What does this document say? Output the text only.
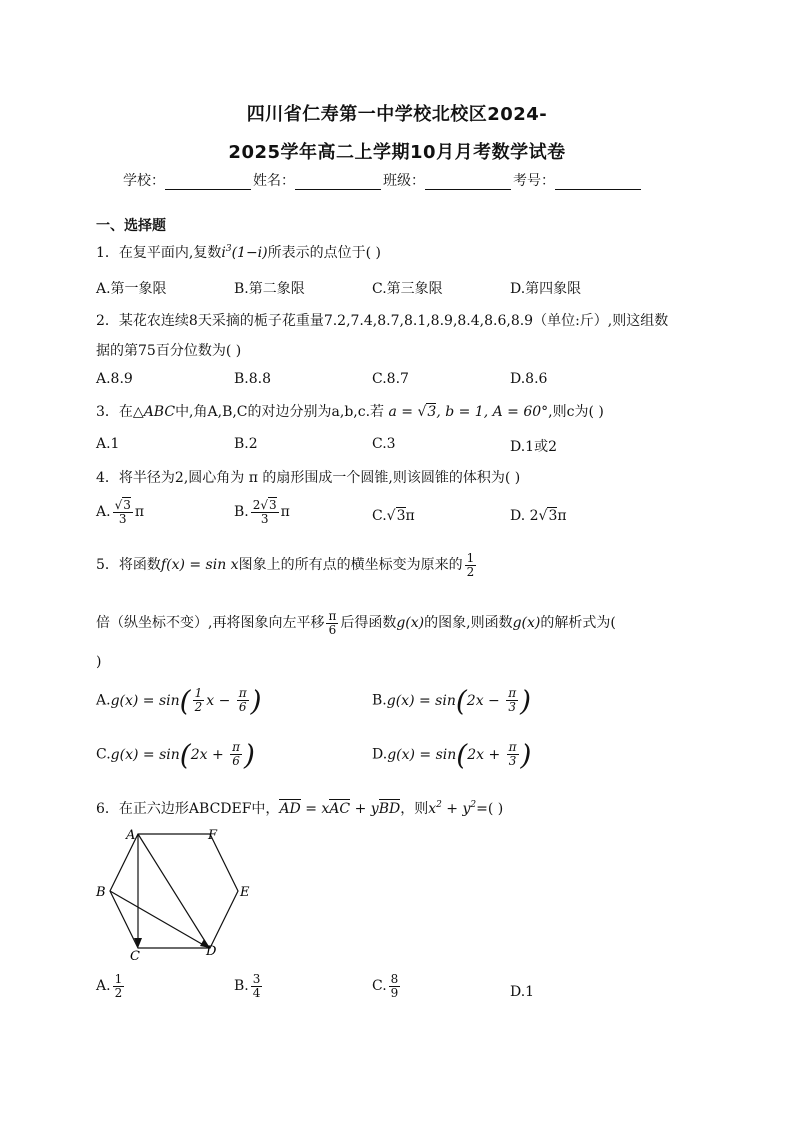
四川省仁寿第一中学校北校区2024-
2025学年高二上学期10月月考数学试卷
学校：	姓名：	班级：	考号：
一、选择题
1．在复平面内,复数$i^3(1-i)$所表示的点位于( )
A.第一象限	B.第二象限	C.第三象限	D.第四象限
2．某花农连续8天采摘的栀子花重量7.2,7.4,8.7,8.1,8.9,8.4,8.6,8.9（单位:斤）,则这组数
据的第75百分位数为( )
A.8.9	B.8.8	C.8.7	D.8.6
3．在△ABC中,角A,B,C的对边分别为a,b,c.若 a = √3, b = 1, A = 60°,则c为( )
A.1	B.2	C.3	D.1或2
4．将半径为2,圆心角为 π 的扇形围成一个圆锥,则该圆锥的体积为( )
A. $\frac{√3}{3}$ π	B. $\frac{2√3}{3}$ π	C.√3π	D. 2√3π
5．将函数f(x) = sin x图象上的所有点的横坐标变为原来的 $\frac{1}{2}$
倍（纵坐标不变）,再将图象向左平移 $\frac{\pi}{6}$ 后得函数g(x)的图象,则函数g(x)的解析式为(
)
$A.g(x) = \sin( \frac{1}{2}$ $x - \frac{\pi}{6}$ )	$B.g(x) = \sin(2x - \frac{\pi}{3}$ )
$C.g(x) = \sin(2x + \frac{\pi}{6}$ )	$D.g(x) = \sin(2x + \frac{\pi}{3}$ )
6．在正六边形ABCDEF中，AD = xAC + yBD，则$x^2 + y^2=$( )
A
B
C	D
E
F
A. $\frac{1}{2}$	B. $\frac{3}{4}$	C. $\frac{8}{9}$	D.1
